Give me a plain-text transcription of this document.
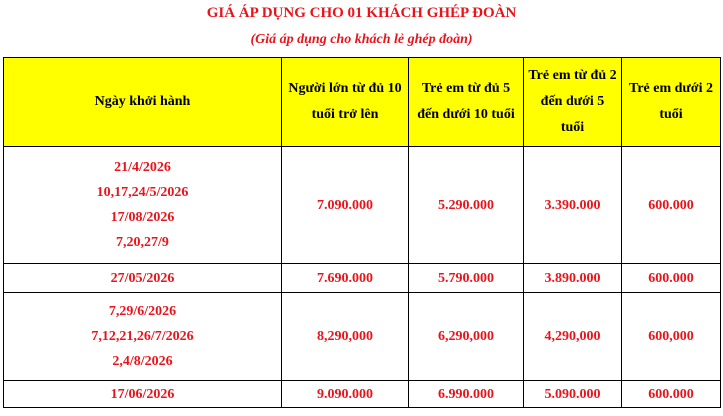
GIÁ ÁP DỤNG CHO 01 KHÁCH GHÉP ĐOÀN
(Giá áp dụng cho khách lẻ ghép đoàn)
Ngày khởi hành	Người lớn từ đủ 10 tuổi trở lên	Trẻ em từ đủ 5 đến dưới 10 tuổi	Trẻ em từ đủ 2 đến dưới 5 tuổi	Trẻ em dưới 2 tuổi

21/4/2026
10,17,24/5/2026
17/08/2026
7,20,27/9	7.090.000	5.290.000	3.390.000	600.000

27/05/2026	7.690.000	5.790.000	3.890.000	600.000

7,29/6/2026
7,12,21,26/7/2026
2,4/8/2026	8,290,000	6,290,000	4,290,000	600,000

17/06/2026	9.090.000	6.990.000	5.090.000	600.000
